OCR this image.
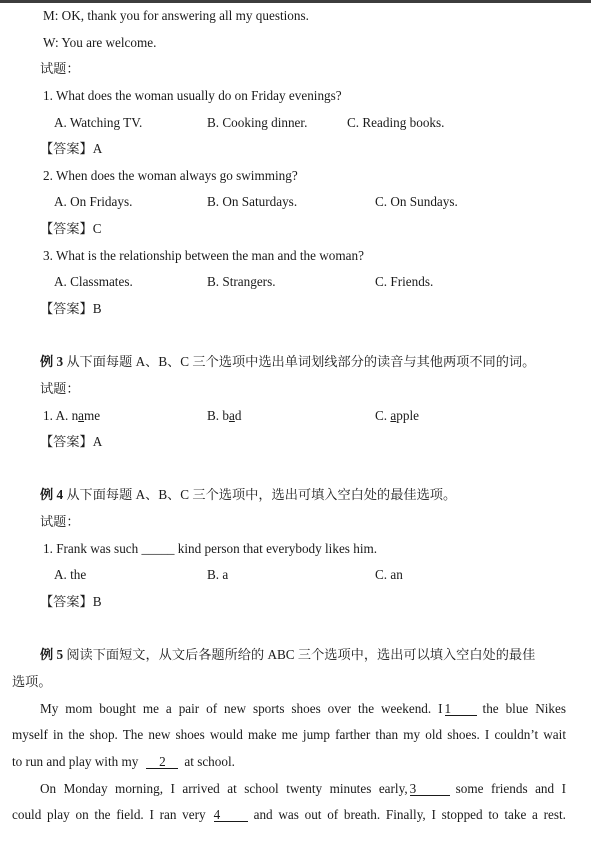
M: OK, thank you for answering all my questions.
W: You are welcome.
试题：
1. What does the woman usually do on Friday evenings?
A. Watching TV.	B. Cooking dinner.	C. Reading books.
【答案】A
2. When does the woman always go swimming?
A. On Fridays.	B. On Saturdays.	C. On Sundays.
【答案】C
3. What is the relationship between the man and the woman?
A. Classmates.	B. Strangers.	C. Friends.
【答案】B
例 3 从下面每题 A、B、C 三个选项中选出单词划线部分的读音与其他两项不同的词。
试题：
1. A. name	B. bad	C. apple
【答案】A
例 4 从下面每题 A、B、C 三个选项中，选出可填入空白处的最佳选项。
试题：
1. Frank was such _____ kind person that everybody likes him.
A. the	B. a	C. an
【答案】B
例 5 阅读下面短文，从文后各题所给的 ABC 三个选项中，选出可以填入空白处的最佳
选项。
My mom bought me a pair of new sports shoes over the weekend. I 1 the blue Nikes
myself in the shop. The new shoes would make me jump farther than my old shoes. I couldn’t wait
to run and play with my 2 at school.
On Monday morning, I arrived at school twenty minutes early, 3	some friends and I
could play on the field. I ran very 4	and was out of breath. Finally, I stopped to take a rest.
